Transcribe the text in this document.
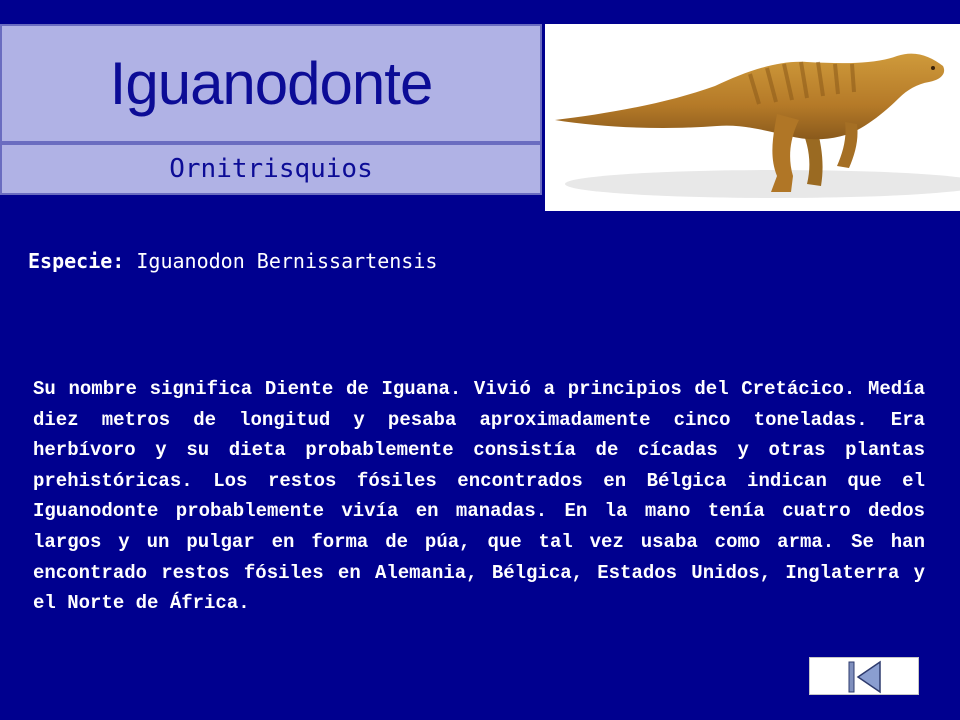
Iguanodonte
Ornitrisquios
Especie: Iguanodon Bernissartensis

Su nombre significa Diente de Iguana. Vivió a principios del Cretácico. Medía diez metros de longitud y pesaba aproximadamente cinco toneladas. Era herbívoro y su dieta probablemente consistía de cícadas y otras plantas prehistóricas. Los restos fósiles encontrados en Bélgica indican que el Iguanodonte probablemente vivía en manadas. En la mano tenía cuatro dedos largos y un pulgar en forma de púa, que tal vez usaba como arma. Se han encontrado restos fósiles en Alemania, Bélgica, Estados Unidos, Inglaterra y el Norte de África.
